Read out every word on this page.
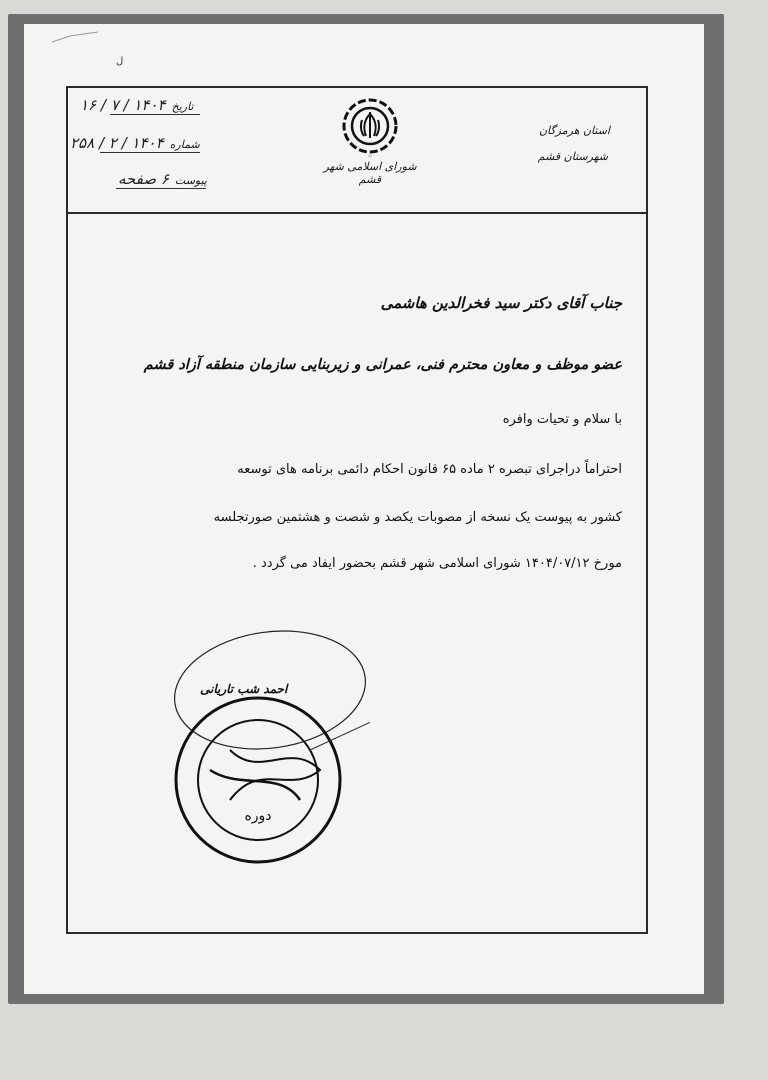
ل
۞
شورای اسلامی شهر قشم
استان هرمزگان
شهرستان قشم
تاریخ
۱۴۰۴ / ۷ / ۱۶
شماره
۱۴۰۴ / ۲ / ۲۵۸
پیوست
۶ صفحه
جناب آقای دکتر سید فخرالدین هاشمی
عضو موظف و معاون محترم فنی، عمرانی و زیربنایی سازمان منطقه آزاد قشم
با سلام و تحیات وافره
احتراماً دراجرای تبصره ۲ ماده ۶۵ قانون احکام دائمی برنامه های توسعه
کشور به پیوست یک نسخه از مصوبات یکصد و شصت و هشتمین صورتجلسه
مورخ ۱۴۰۴/۰۷/۱۲ شورای اسلامی شهر قشم بحضور ایفاد می گردد .
دوره
احمد شب تاریانی
